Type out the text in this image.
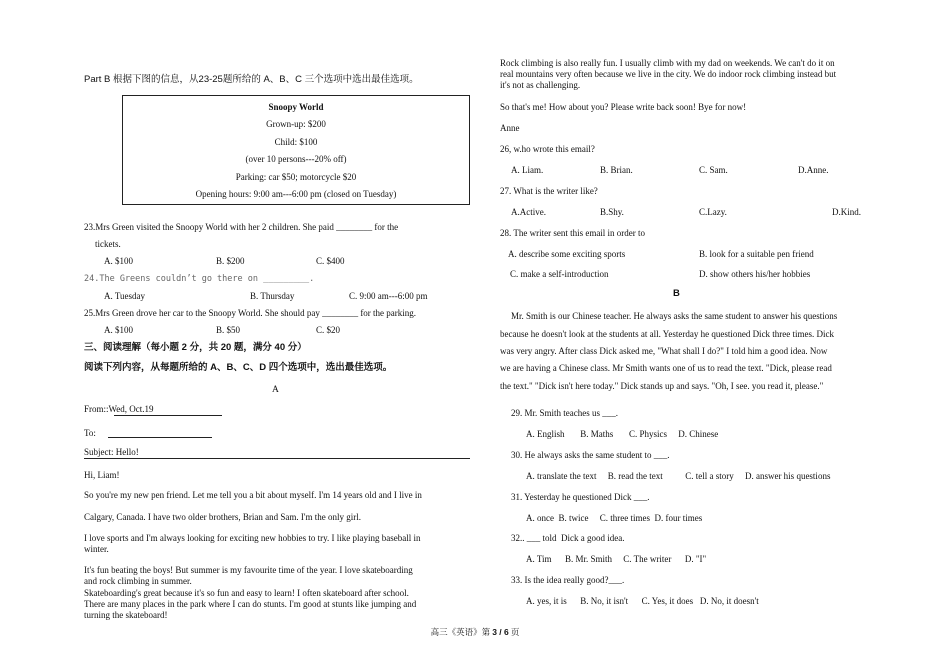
Part B 根据下图的信息，从23-25题所给的 A、B、C 三个选项中选出最佳选项。
Snoopy World
Grown-up: $200
Child: $100
(over 10 persons---20% off)
Parking: car $50; motorcycle $20
Opening hours: 9:00 am---6:00 pm (closed on Tuesday)
23.Mrs Green visited the Snoopy World with her 2 children. She paid ________ for the
tickets.
A. $100	B. $200	C. $400
24.The Greens couldn’t go there on _________.
A. Tuesday	B. Thursday	C. 9:00 am---6:00 pm
25.Mrs Green drove her car to the Snoopy World. She should pay ________ for the parking.
A. $100	B. $50	C. $20
三、阅读理解（每小题 2 分，共 20 题，满分 40 分）
阅读下列内容，从每题所给的 A、B、C、D 四个选项中，选出最佳选项。
A
From::Wed, Oct.19
To:
Subject: Hello!
Hi, Liam!
So you're my new pen friend. Let me tell you a bit about myself. I'm 14 years old and I live in
Calgary, Canada. I have two older brothers, Brian and Sam. I'm the only girl.
I love sports and I'm always looking for exciting new hobbies to try. I like playing baseball in
winter.
It's fun beating the boys! But summer is my favourite time of the year. I love skateboarding
and rock climbing in summer.
Skateboarding's great because it's so fun and easy to learn! I often skateboard after school.
There are many places in the park where I can do stunts. I'm good at stunts like jumping and
turning the skateboard!
Rock climbing is also really fun. I usually climb with my dad on weekends. We can't do it on
real mountains very often because we live in the city. We do indoor rock climbing instead but
it's not as challenging.
So that's me! How about you? Please write back soon! Bye for now!
Anne
26, w.ho wrote this email?
A. Liam.	B. Brian.	C. Sam.	D.Anne.
27. What is the writer like?
A.Active.	B.Shy.	C.Lazy.	D.Kind.
28. The writer sent this email in order to
A. describe some exciting sports	B. look for a suitable pen friend
C. make a self-introduction	D. show others his/her hobbies
B
Mr. Smith is our Chinese teacher. He always asks the same student to answer his questions
because he doesn't look at the students at all. Yesterday he questioned Dick three times. Dick
was very angry. After class Dick asked me, "What shall I do?" I told him a good idea. Now
we are having a Chinese class. Mr Smith wants one of us to read the text. "Dick, please read
the text." "Dick isn't here today." Dick stands up and says. "Oh, I see. you read it, please."
29. Mr. Smith teaches us ___.
A. English       B. Maths       C. Physics     D. Chinese
30. He always asks the same student to ___.
A. translate the text     B. read the text          C. tell a story     D. answer his questions
31. Yesterday he questioned Dick ___.
A. once  B. twice     C. three times  D. four times
32.. ___ told  Dick a good idea.
A. Tim      B. Mr. Smith     C. The writer      D. "I"
33. Is the idea really good?___.
A. yes, it is      B. No, it isn't      C. Yes, it does   D. No, it doesn't
高三《英语》第 3 / 6 页
